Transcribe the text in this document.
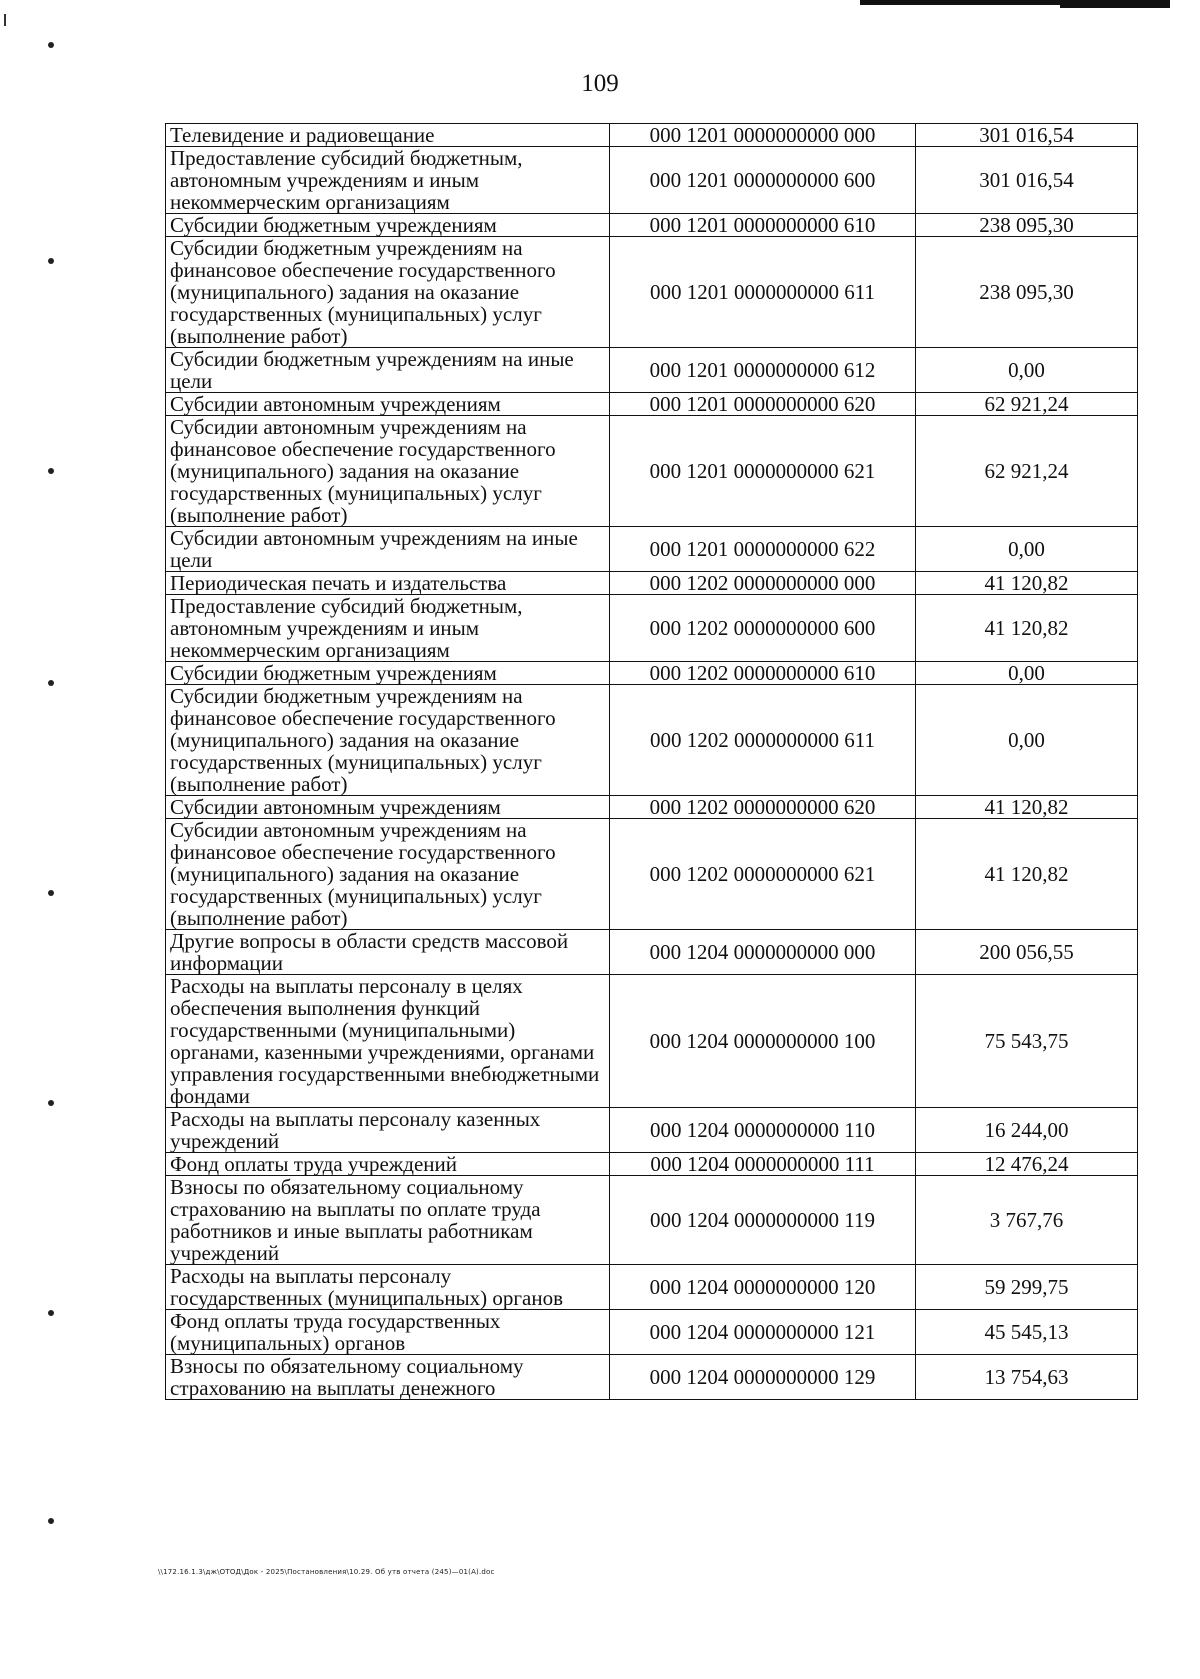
109
Телевидение и радиовещание	000 1201 0000000000 000	301 016,54
Предоставление субсидий бюджетным, автономным учреждениям и иным некоммерческим организациям	000 1201 0000000000 600	301 016,54
Субсидии бюджетным учреждениям	000 1201 0000000000 610	238 095,30
Субсидии бюджетным учреждениям на финансовое обеспечение государственного (муниципального) задания на оказание государственных (муниципальных) услуг (выполнение работ)	000 1201 0000000000 611	238 095,30
Субсидии бюджетным учреждениям на иные цели	000 1201 0000000000 612	0,00
Субсидии автономным учреждениям	000 1201 0000000000 620	62 921,24
Субсидии автономным учреждениям на финансовое обеспечение государственного (муниципального) задания на оказание государственных (муниципальных) услуг (выполнение работ)	000 1201 0000000000 621	62 921,24
Субсидии автономным учреждениям на иные цели	000 1201 0000000000 622	0,00
Периодическая печать и издательства	000 1202 0000000000 000	41 120,82
Предоставление субсидий бюджетным, автономным учреждениям и иным некоммерческим организациям	000 1202 0000000000 600	41 120,82
Субсидии бюджетным учреждениям	000 1202 0000000000 610	0,00
Субсидии бюджетным учреждениям на финансовое обеспечение государственного (муниципального) задания на оказание государственных (муниципальных) услуг (выполнение работ)	000 1202 0000000000 611	0,00
Субсидии автономным учреждениям	000 1202 0000000000 620	41 120,82
Субсидии автономным учреждениям на финансовое обеспечение государственного (муниципального) задания на оказание государственных (муниципальных) услуг (выполнение работ)	000 1202 0000000000 621	41 120,82
Другие вопросы в области средств массовой информации	000 1204 0000000000 000	200 056,55
Расходы на выплаты персоналу в целях обеспечения выполнения функций государственными (муниципальными) органами, казенными учреждениями, органами управления государственными внебюджетными фондами	000 1204 0000000000 100	75 543,75
Расходы на выплаты персоналу казенных учреждений	000 1204 0000000000 110	16 244,00
Фонд оплаты труда учреждений	000 1204 0000000000 111	12 476,24
Взносы по обязательному социальному страхованию на выплаты по оплате труда работников и иные выплаты работникам учреждений	000 1204 0000000000 119	3 767,76
Расходы на выплаты персоналу государственных (муниципальных) органов	000 1204 0000000000 120	59 299,75
Фонд оплаты труда государственных (муниципальных) органов	000 1204 0000000000 121	45 545,13
Взносы по обязательному социальному страхованию на выплаты денежного	000 1204 0000000000 129	13 754,63
\\172.16.1.3\дж\ОТОД\Док - 2025\Постановления\10.29. Об утв отчета (245)—01(А).doc
